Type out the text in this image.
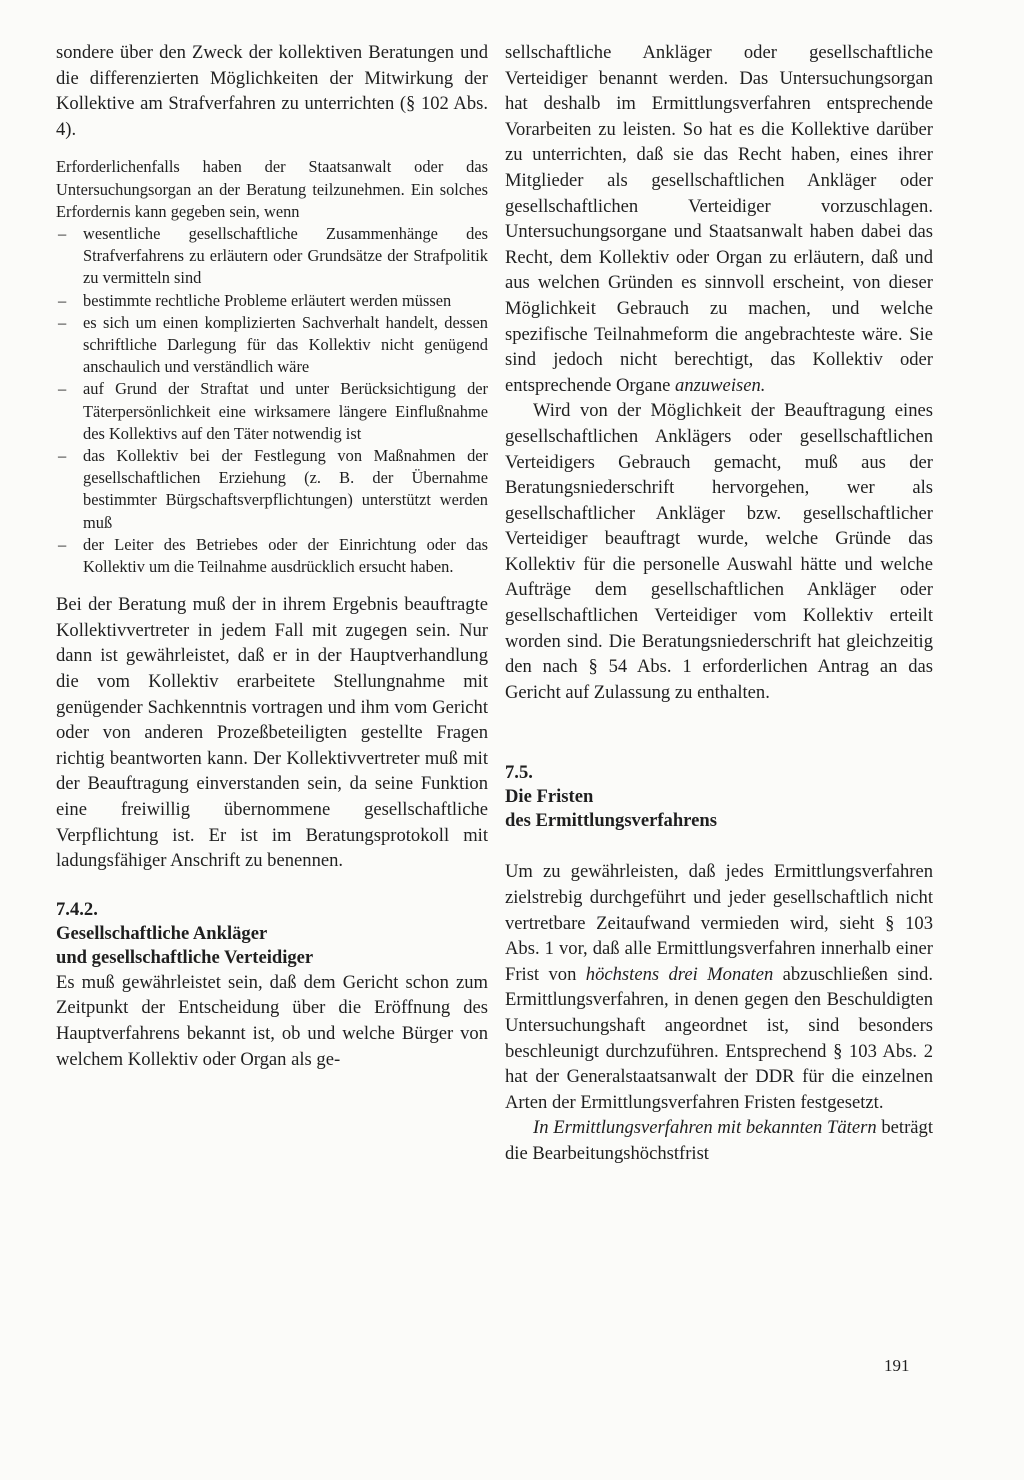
sondere über den Zweck der kollektiven Beratungen und die differenzierten Möglichkeiten der Mitwirkung der Kollektive am Strafverfahren zu unterrichten (§ 102 Abs. 4).

Erforderlichenfalls haben der Staatsanwalt oder das Untersuchungsorgan an der Beratung teilzunehmen. Ein solches Erfordernis kann gegeben sein, wenn

– wesentliche gesellschaftliche Zusammenhänge des Strafverfahrens zu erläutern oder Grundsätze der Strafpolitik zu vermitteln sind
– bestimmte rechtliche Probleme erläutert werden müssen
– es sich um einen komplizierten Sachverhalt handelt, dessen schriftliche Darlegung für das Kollektiv nicht genügend anschaulich und verständlich wäre
– auf Grund der Straftat und unter Berücksichtigung der Täterpersönlichkeit eine wirksamere längere Einflußnahme des Kollektivs auf den Täter notwendig ist
– das Kollektiv bei der Festlegung von Maßnahmen der gesellschaftlichen Erziehung (z. B. der Übernahme bestimmter Bürgschaftsverpflichtungen) unterstützt werden muß
– der Leiter des Betriebes oder der Einrichtung oder das Kollektiv um die Teilnahme ausdrücklich ersucht haben.

Bei der Beratung muß der in ihrem Ergebnis beauftragte Kollektivvertreter in jedem Fall mit zugegen sein. Nur dann ist gewährleistet, daß er in der Hauptverhandlung die vom Kollektiv erarbeitete Stellungnahme mit genügender Sachkenntnis vortragen und ihm vom Gericht oder von anderen Prozeßbeteiligten gestellte Fragen richtig beantworten kann. Der Kollektivvertreter muß mit der Beauftragung einverstanden sein, da seine Funktion eine freiwillig übernommene gesellschaftliche Verpflichtung ist. Er ist im Beratungsprotokoll mit ladungsfähiger Anschrift zu benennen.

7.4.2.
Gesellschaftliche Ankläger
und gesellschaftliche Verteidiger

Es muß gewährleistet sein, daß dem Gericht schon zum Zeitpunkt der Entscheidung über die Eröffnung des Hauptverfahrens bekannt ist, ob und welche Bürger von welchem Kollektiv oder Organ als ge-

sellschaftliche Ankläger oder gesellschaftliche Verteidiger benannt werden. Das Untersuchungsorgan hat deshalb im Ermittlungsverfahren entsprechende Vorarbeiten zu leisten. So hat es die Kollektive darüber zu unterrichten, daß sie das Recht haben, eines ihrer Mitglieder als gesellschaftlichen Ankläger oder gesellschaftlichen Verteidiger vorzuschlagen. Untersuchungsorgane und Staatsanwalt haben dabei das Recht, dem Kollektiv oder Organ zu erläutern, daß und aus welchen Gründen es sinnvoll erscheint, von dieser Möglichkeit Gebrauch zu machen, und welche spezifische Teilnahmeform die angebrachteste wäre. Sie sind jedoch nicht berechtigt, das Kollektiv oder entsprechende Organe anzuweisen.

Wird von der Möglichkeit der Beauftragung eines gesellschaftlichen Anklägers oder gesellschaftlichen Verteidigers Gebrauch gemacht, muß aus der Beratungsniederschrift hervorgehen, wer als gesellschaftlicher Ankläger bzw. gesellschaftlicher Verteidiger beauftragt wurde, welche Gründe das Kollektiv für die personelle Auswahl hätte und welche Aufträge dem gesellschaftlichen Ankläger oder gesellschaftlichen Verteidiger vom Kollektiv erteilt worden sind. Die Beratungsniederschrift hat gleichzeitig den nach § 54 Abs. 1 erforderlichen Antrag an das Gericht auf Zulassung zu enthalten.

7.5.
Die Fristen
des Ermittlungsverfahrens

Um zu gewährleisten, daß jedes Ermittlungsverfahren zielstrebig durchgeführt und jeder gesellschaftlich nicht vertretbare Zeitaufwand vermieden wird, sieht § 103 Abs. 1 vor, daß alle Ermittlungsverfahren innerhalb einer Frist von höchstens drei Monaten abzuschließen sind. Ermittlungsverfahren, in denen gegen den Beschuldigten Untersuchungshaft angeordnet ist, sind besonders beschleunigt durchzuführen. Entsprechend § 103 Abs. 2 hat der Generalstaatsanwalt der DDR für die einzelnen Arten der Ermittlungsverfahren Fristen festgesetzt.

In Ermittlungsverfahren mit bekannten Tätern beträgt die Bearbeitungshöchstfrist

191
